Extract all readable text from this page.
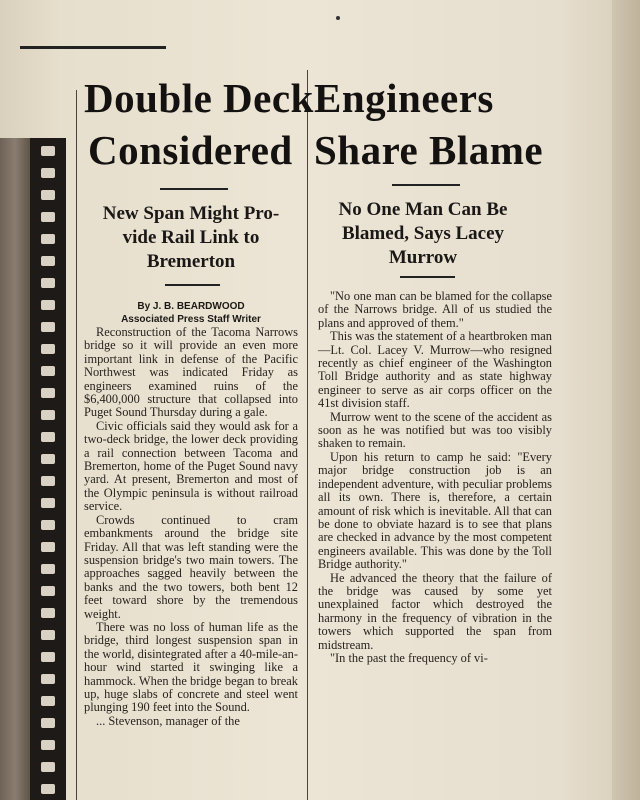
Double Deck
Considered
New Span Might Pro-
vide Rail Link to
Bremerton
By J. B. BEARDWOOD
Associated Press Staff Writer

Reconstruction of the Tacoma Narrows bridge so it will provide an even more important link in defense of the Pacific Northwest was indicated Friday as engineers examined ruins of the $6,400,000 structure that collapsed into Puget Sound Thursday during a gale.

Civic officials said they would ask for a two-deck bridge, the lower deck providing a rail connection between Tacoma and Bremerton, home of the Puget Sound navy yard. At present, Bremerton and most of the Olympic peninsula is without railroad service.

Crowds continued to cram embankments around the bridge site Friday. All that was left standing were the suspension bridge's two main towers. The approaches sagged heavily between the banks and the two towers, both bent 12 feet toward shore by the tremendous weight.

There was no loss of human life as the bridge, third longest suspension span in the world, disintegrated after a 40-mile-an-hour wind started it swinging like a hammock. When the bridge began to break up, huge slabs of concrete and steel went plunging 190 feet into the Sound.

... Stevenson, manager of the

Engineers
Share Blame
No One Man Can Be
Blamed, Says Lacey
Murrow

"No one man can be blamed for the collapse of the Narrows bridge. All of us studied the plans and approved of them."

This was the statement of a heartbroken man—Lt. Col. Lacey V. Murrow—who resigned recently as chief engineer of the Washington Toll Bridge authority and as state highway engineer to serve as air corps officer on the 41st division staff.

Murrow went to the scene of the accident as soon as he was notified but was too visibly shaken to remain.

Upon his return to camp he said: "Every major bridge construction job is an independent adventure, with peculiar problems all its own. There is, therefore, a certain amount of risk which is inevitable. All that can be done to obviate hazard is to see that plans are checked in advance by the most competent engineers available. This was done by the Toll Bridge authority."

He advanced the theory that the failure of the bridge was caused by some yet unexplained factor which destroyed the harmony in the frequency of vibration in the towers which supported the span from midstream.

"In the past the frequency of vi-
